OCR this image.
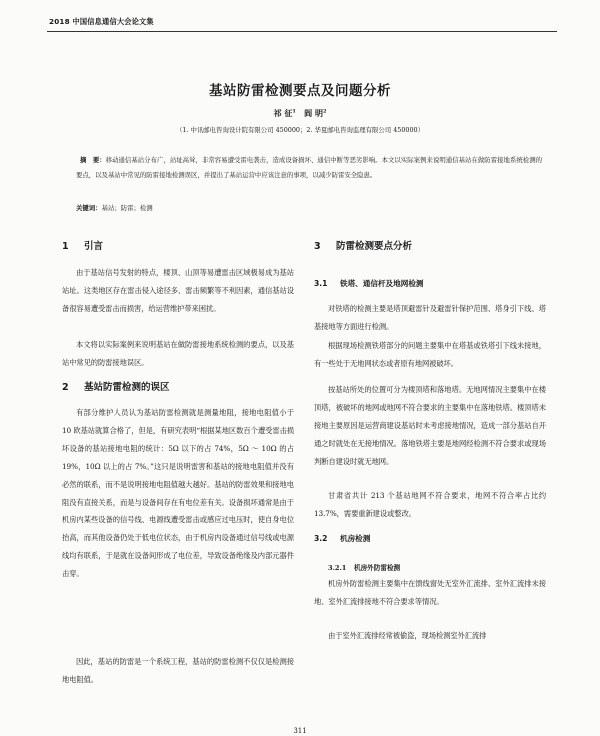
2018 中国信息通信大会论文集
基站防雷检测要点及问题分析
祁 征$^1$ 阎 明$^2$
（1. 中讯邮电咨询设计院有限公司 450000；2. 华夏邮电咨询监理有限公司 450000）

摘　要：移动通信基站分布广，站址高耸，非常容易遭受雷电袭击，造成设备损坏、通信中断等恶劣影响。本文以实际案例来说明通信基站在做防雷接地系统检测的要点，以及基站中常见的防雷接地检测误区，并提出了基站运营中应该注意的事项，以减少防雷安全隐患。

关键词：基站；防雷；检测

1 引言

由于基站信号发射的特点，楼顶、山顶等易遭雷击区域极易成为基站站址。这类地区存在雷击侵入途径多、雷击频繁等不利因素，通信基站设备很容易遭受雷击而损害，给运营维护带来困扰。

本文将以实际案例来说明基站在做防雷接地系统检测的要点，以及基站中常见的防雷接地误区。

2 基站防雷检测的误区

有部分维护人员认为基站防雷检测就是测量地阻，接地电阻值小于 10 欧基站就算合格了，但是，有研究表明“根据某地区数百个遭受雷击损坏设备的基站接地电阻的统计：5Ω 以下的占 74%，5Ω ～ 10Ω 的占 19%，10Ω 以上的占 7%。”这只是说明雷害和基站的接地电阻值并没有必然的联系，而不是说明接地电阻值越大越好。基站的防雷效果和接地电阻没有直接关系，而是与设备间存在有电位差有关。设备损坏通常是由于机房内某些设备的信号线、电源线遭受雷击或感应过电压时，使自身电位抬高，而其他设备仍处于低电位状态，由于机房内设备通过信号线或电源线均有联系，于是就在设备间形成了电位差，导致设备绝缘及内部元器件击穿。

因此，基站的防雷是一个系统工程，基站的防雷检测不仅仅是检测接地电阻值。

3 防雷检测要点分析
3.1 铁塔、通信杆及地网检测

对铁塔的检测主要是塔顶避雷针及避雷针保护范围、塔身引下线、塔基接地等方面进行检测。

根据现场检测铁塔部分的问题主要集中在塔基或铁塔引下线未接地，有一些处于无地网状态或者原有地网被破坏。

按基站所处的位置可分为楼顶塔和落地塔。无地网情况主要集中在楼顶塔，被破坏的地网或地网不符合要求的主要集中在落地铁塔。楼顶塔未接地主要原因是运营商建设基站时未考虑接地情况，造成一部分基站自开通之时就处在无接地情况。落地铁塔主要是地网经检测不符合要求或现场判断自建设时就无地网。

甘肃省共计 213 个基站地网不符合要求，地网不符合率占比约 13.7%，需要重新建设或整改。

3.2 机房检测
3.2.1 机房外防雷检测

机房外防雷检测主要集中在馈线窗处无室外汇流排、室外汇流排未接地、室外汇流排接地不符合要求等情况。

由于室外汇流排经常被偷盗，现场检测室外汇流排

311
